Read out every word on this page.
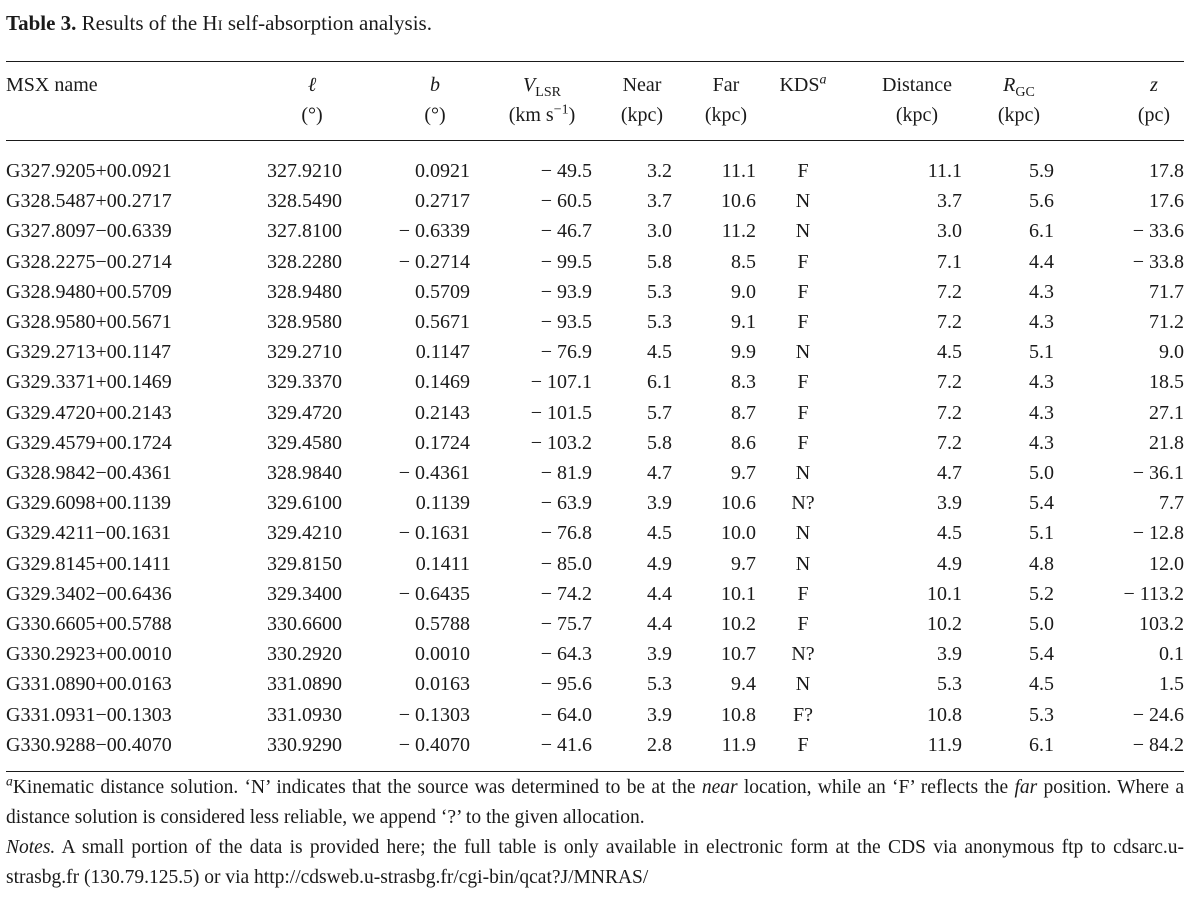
Table 3. Results of the HI self-absorption analysis.
MSX name	ℓ	b	$V_{LSR}$	Near	Far	KDS$^a$	Distance	$R_{GC}$	z
	(°)	(°)	(km $s^{-1}$)	(kpc)	(kpc)		(kpc)	(kpc)	(pc)

G327.9205+00.0921	327.9210	0.0921	− 49.5	3.2	11.1	F	11.1	5.9	17.8
G328.5487+00.2717	328.5490	0.2717	− 60.5	3.7	10.6	N	3.7	5.6	17.6
G327.8097−00.6339	327.8100	− 0.6339	− 46.7	3.0	11.2	N	3.0	6.1	− 33.6
G328.2275−00.2714	328.2280	− 0.2714	− 99.5	5.8	8.5	F	7.1	4.4	− 33.8
G328.9480+00.5709	328.9480	0.5709	− 93.9	5.3	9.0	F	7.2	4.3	71.7
G328.9580+00.5671	328.9580	0.5671	− 93.5	5.3	9.1	F	7.2	4.3	71.2
G329.2713+00.1147	329.2710	0.1147	− 76.9	4.5	9.9	N	4.5	5.1	9.0
G329.3371+00.1469	329.3370	0.1469	− 107.1	6.1	8.3	F	7.2	4.3	18.5
G329.4720+00.2143	329.4720	0.2143	− 101.5	5.7	8.7	F	7.2	4.3	27.1
G329.4579+00.1724	329.4580	0.1724	− 103.2	5.8	8.6	F	7.2	4.3	21.8
G328.9842−00.4361	328.9840	− 0.4361	− 81.9	4.7	9.7	N	4.7	5.0	− 36.1
G329.6098+00.1139	329.6100	0.1139	− 63.9	3.9	10.6	N?	3.9	5.4	7.7
G329.4211−00.1631	329.4210	− 0.1631	− 76.8	4.5	10.0	N	4.5	5.1	− 12.8
G329.8145+00.1411	329.8150	0.1411	− 85.0	4.9	9.7	N	4.9	4.8	12.0
G329.3402−00.6436	329.3400	− 0.6435	− 74.2	4.4	10.1	F	10.1	5.2	− 113.2
G330.6605+00.5788	330.6600	0.5788	− 75.7	4.4	10.2	F	10.2	5.0	103.2
G330.2923+00.0010	330.2920	0.0010	− 64.3	3.9	10.7	N?	3.9	5.4	0.1
G331.0890+00.0163	331.0890	0.0163	− 95.6	5.3	9.4	N	5.3	4.5	1.5
G331.0931−00.1303	331.0930	− 0.1303	− 64.0	3.9	10.8	F?	10.8	5.3	− 24.6
G330.9288−00.4070	330.9290	− 0.4070	− 41.6	2.8	11.9	F	11.9	6.1	− 84.2

$^a$Kinematic distance solution. ‘N’ indicates that the source was determined to be at the near location, while an ‘F’ reflects the far position. Where a distance solution is considered less reliable, we append ‘?’ to the given allocation.

Notes. A small portion of the data is provided here; the full table is only available in electronic form at the CDS via anonymous ftp to cdsarc.u-strasbg.fr (130.79.125.5) or via http://cdsweb.u-strasbg.fr/cgi-bin/qcat?J/MNRAS/
